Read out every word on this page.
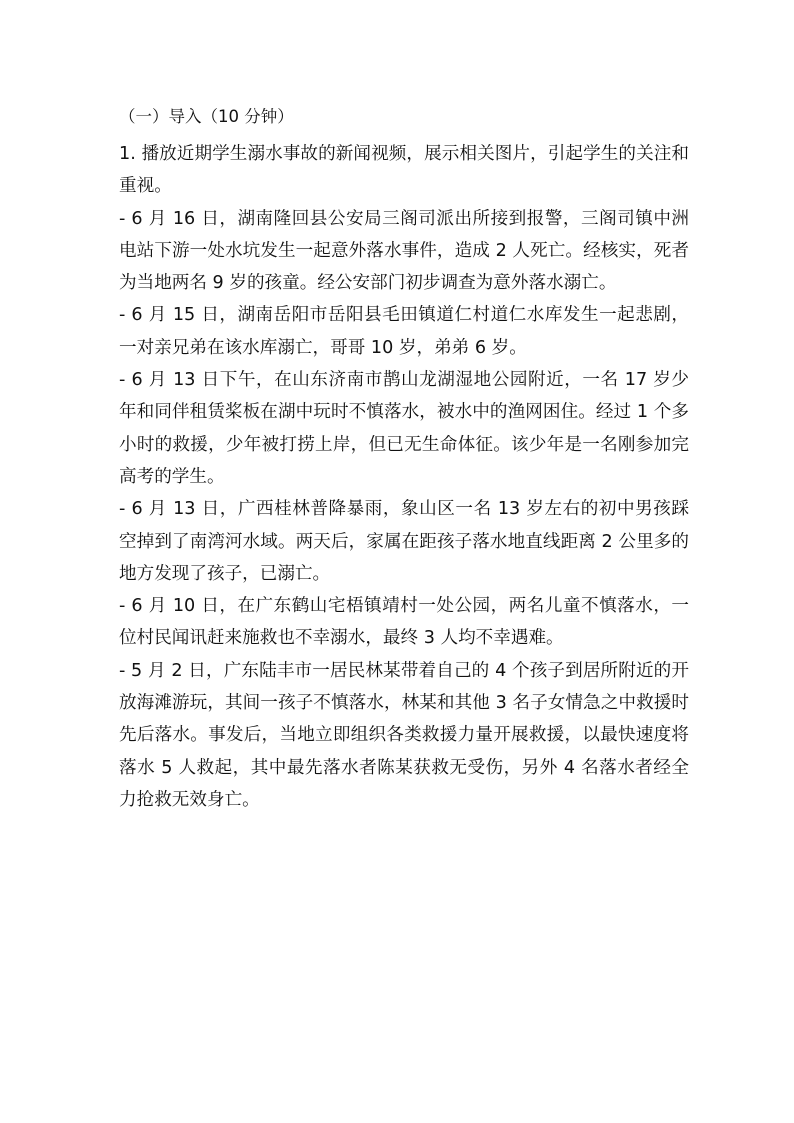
（一）导入（10 分钟）

1. 播放近期学生溺水事故的新闻视频，展示相关图片，引起学生的关注和重视。

- 6 月 16 日，湖南隆回县公安局三阁司派出所接到报警，三阁司镇中洲电站下游一处水坑发生一起意外落水事件，造成 2 人死亡。经核实，死者为当地两名 9 岁的孩童。经公安部门初步调查为意外落水溺亡。

- 6 月 15 日，湖南岳阳市岳阳县毛田镇道仁村道仁水库发生一起悲剧，一对亲兄弟在该水库溺亡，哥哥 10 岁，弟弟 6 岁。

- 6 月 13 日下午，在山东济南市鹊山龙湖湿地公园附近，一名 17 岁少年和同伴租赁桨板在湖中玩时不慎落水，被水中的渔网困住。经过 1 个多小时的救援，少年被打捞上岸，但已无生命体征。该少年是一名刚参加完高考的学生。

- 6 月 13 日，广西桂林普降暴雨，象山区一名 13 岁左右的初中男孩踩空掉到了南湾河水域。两天后，家属在距孩子落水地直线距离 2 公里多的地方发现了孩子，已溺亡。

- 6 月 10 日，在广东鹤山宅梧镇靖村一处公园，两名儿童不慎落水，一位村民闻讯赶来施救也不幸溺水，最终 3 人均不幸遇难。

- 5 月 2 日，广东陆丰市一居民林某带着自己的 4 个孩子到居所附近的开放海滩游玩，其间一孩子不慎落水，林某和其他 3 名子女情急之中救援时先后落水。事发后，当地立即组织各类救援力量开展救援，以最快速度将落水 5 人救起，其中最先落水者陈某获救无受伤，另外 4 名落水者经全力抢救无效身亡。
